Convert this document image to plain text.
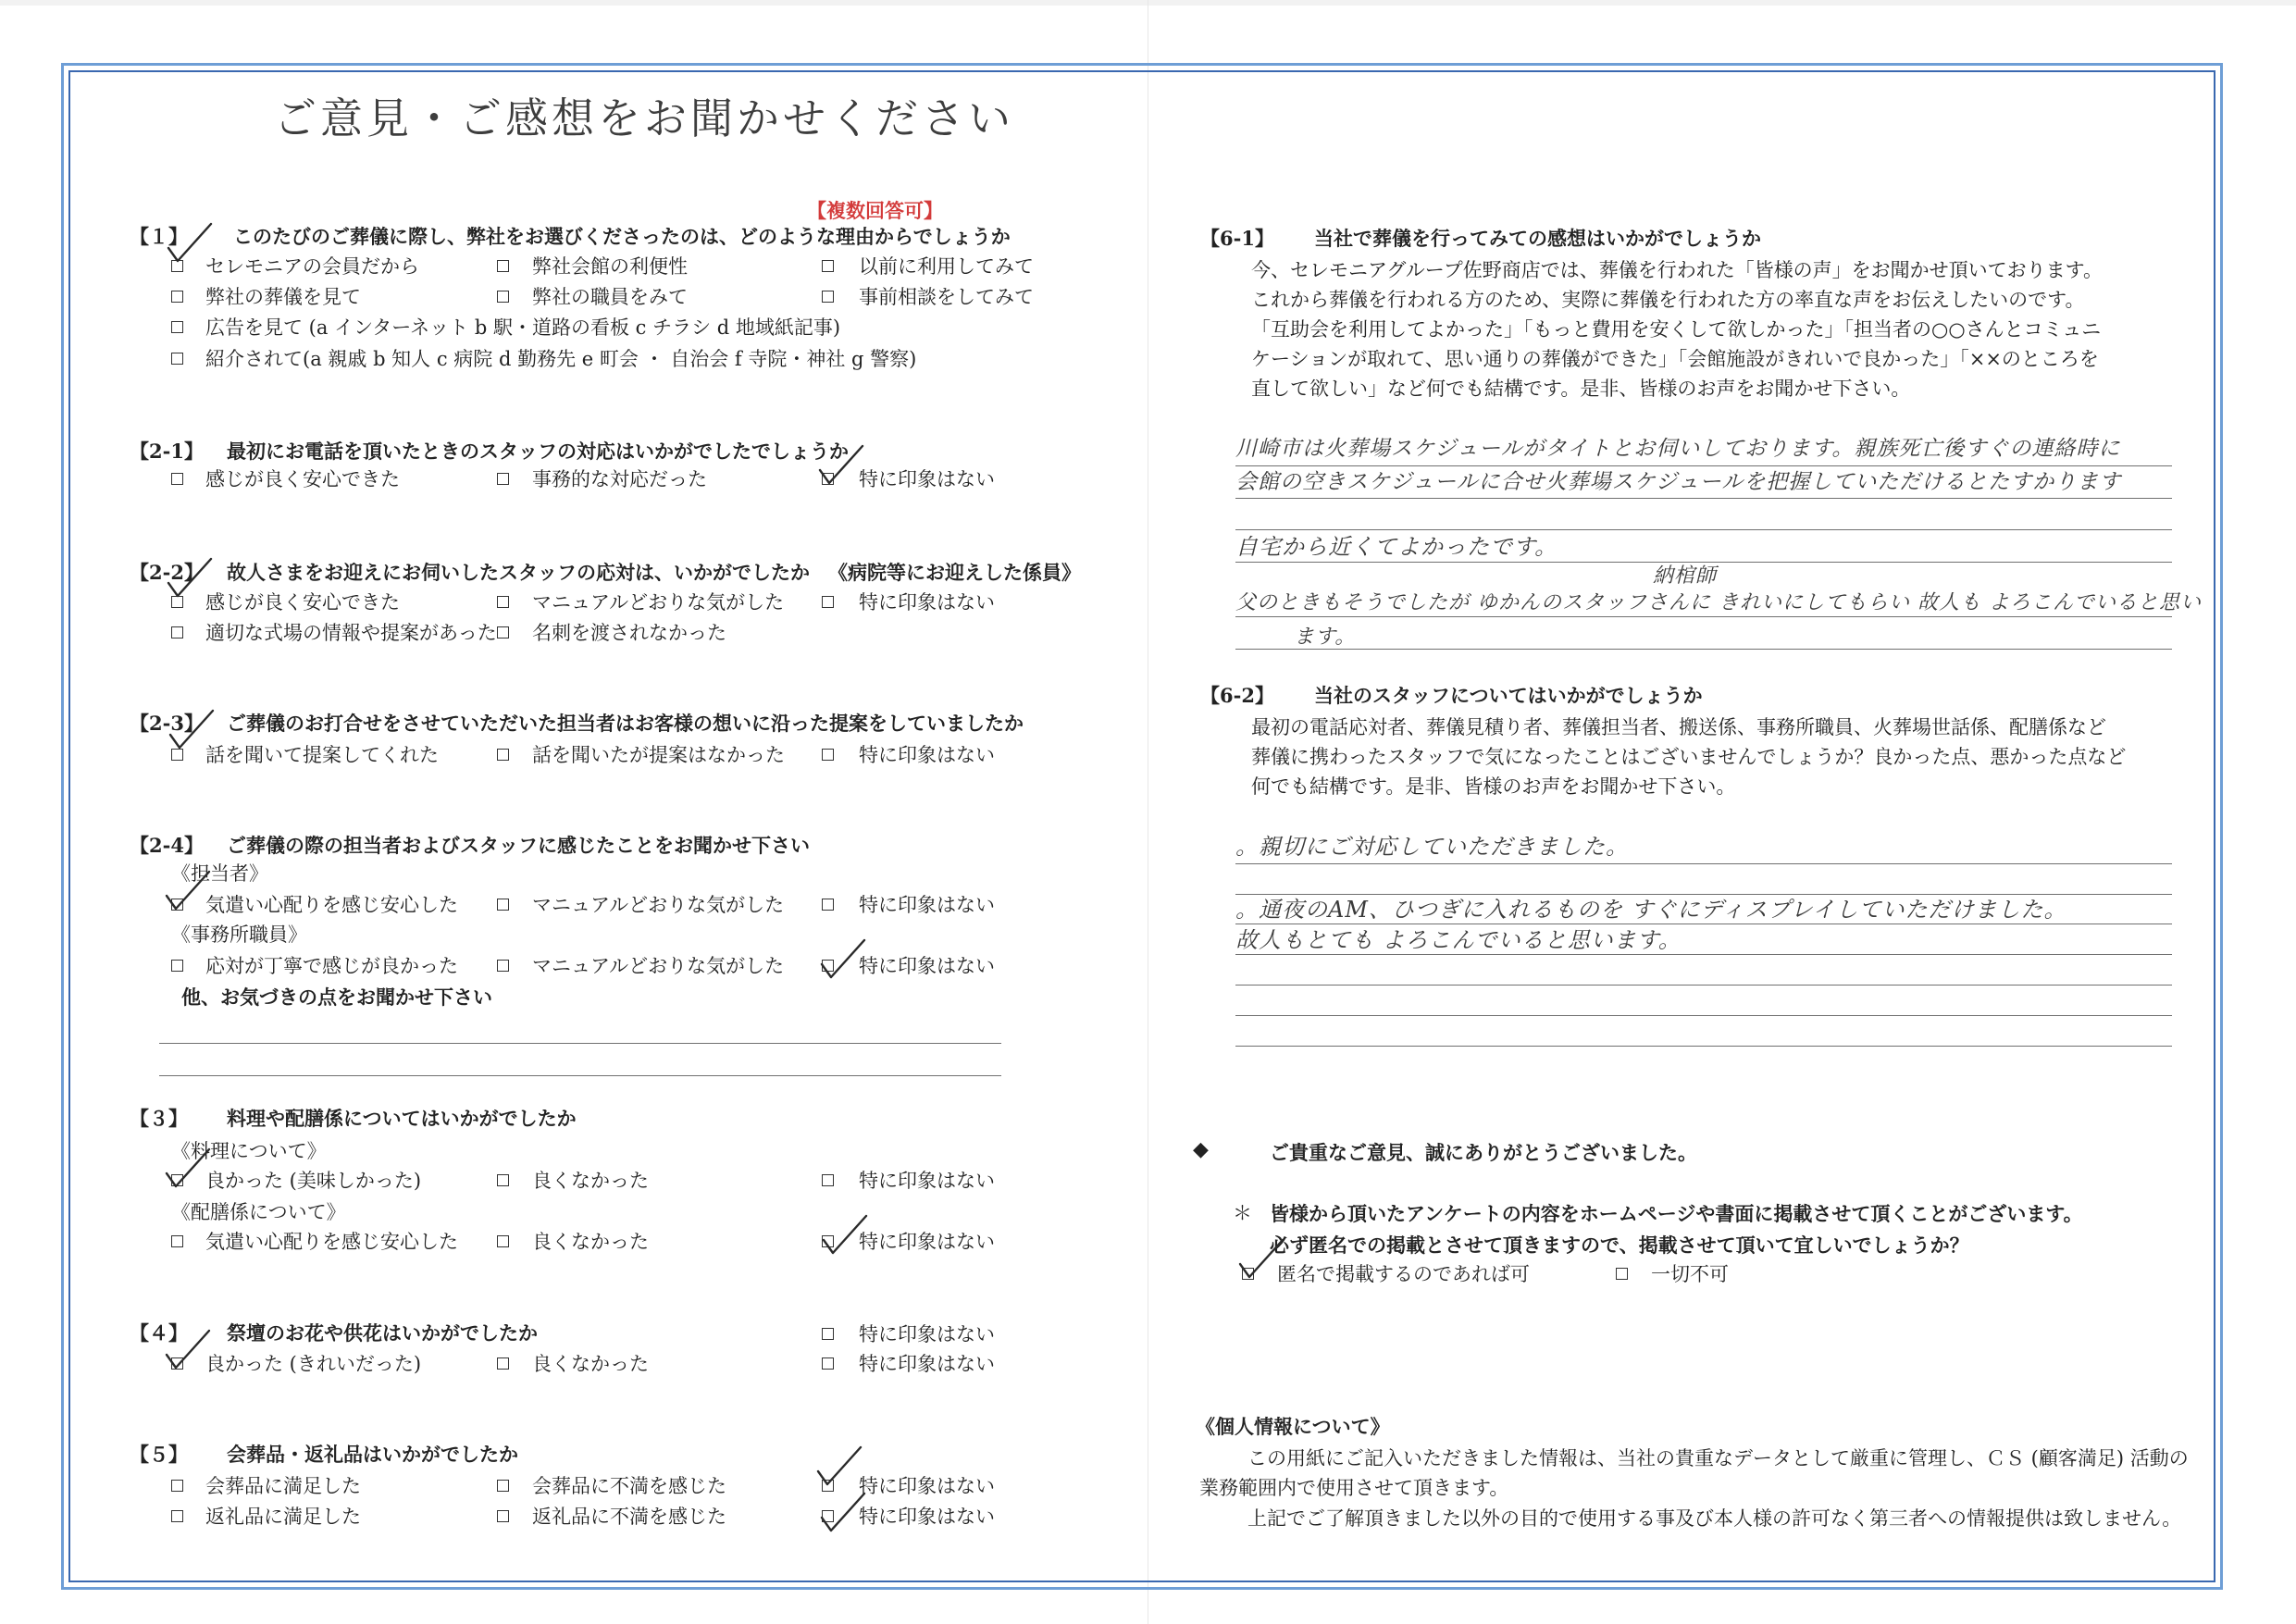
ご意見・ご感想をお聞かせください
【複数回答可】
【１】 このたびのご葬儀に際し、弊社をお選びくださったのは、どのような理由からでしょうか
セレモニアの会員だから	弊社会館の利便性	以前に利用してみて
弊社の葬儀を見て	弊社の職員をみて	事前相談をしてみて
広告を見て (a インターネット b 駅・道路の看板 c チラシ d 地域紙記事)
紹介されて(a 親戚 b 知人 c 病院 d 勤務先 e 町会 ・ 自治会 f 寺院・神社 g 警察)
【2-1】 最初にお電話を頂いたときのスタッフの対応はいかがでしたでしょうか
感じが良く安心できた	事務的な対応だった	特に印象はない
【2-2】 故人さまをお迎えにお伺いしたスタッフの応対は、いかがでしたか 《病院等にお迎えした係員》
感じが良く安心できた	マニュアルどおりな気がした	特に印象はない
適切な式場の情報や提案があった 名刺を渡されなかった
【2-3】 ご葬儀のお打合せをさせていただいた担当者はお客様の想いに沿った提案をしていましたか
話を聞いて提案してくれた	話を聞いたが提案はなかった	特に印象はない
【2-4】 ご葬儀の際の担当者およびスタッフに感じたことをお聞かせ下さい
《担当者》
気遣い心配りを感じ安心した	マニュアルどおりな気がした	特に印象はない
《事務所職員》
応対が丁寧で感じが良かった	マニュアルどおりな気がした	特に印象はない
他、お気づきの点をお聞かせ下さい
【３】 料理や配膳係についてはいかがでしたか
《料理について》
良かった (美味しかった)	良くなかった	特に印象はない
《配膳係について》
気遣い心配りを感じ安心した	良くなかった	特に印象はない
【４】 祭壇のお花や供花はいかがでしたか	特に印象はない
良かった (きれいだった)	良くなかった	特に印象はない
【５】 会葬品・返礼品はいかがでしたか
会葬品に満足した	会葬品に不満を感じた	特に印象はない
返礼品に満足した	返礼品に不満を感じた	特に印象はない
【6-1】 当社で葬儀を行ってみての感想はいかがでしょうか
今、セレモニアグループ佐野商店では、葬儀を行われた「皆様の声」をお聞かせ頂いております。
これから葬儀を行われる方のため、実際に葬儀を行われた方の率直な声をお伝えしたいのです。
「互助会を利用してよかった」「もっと費用を安くして欲しかった」「担当者の○○さんとコミュニ
ケーションが取れて、思い通りの葬儀ができた」「会館施設がきれいで良かった」「××のところを
直して欲しい」など何でも結構です。是非、皆様のお声をお聞かせ下さい。
川崎市は火葬場スケジュールがタイトとお伺いしております。親族死亡後すぐの連絡時に
会館の空きスケジュールに合せ火葬場スケジュールを把握していただけるとたすかります
自宅から近くてよかったです。
納棺師
父のときもそうでしたが ゆかんのスタッフさんに きれいにしてもらい 故人も よろこんでいると思い
ます。
【6-2】 当社のスタッフについてはいかがでしょうか
最初の電話応対者、葬儀見積り者、葬儀担当者、搬送係、事務所職員、火葬場世話係、配膳係など
葬儀に携わったスタッフで気になったことはございませんでしょうか？良かった点、悪かった点など
何でも結構です。是非、皆様のお声をお聞かせ下さい。
。親切にご対応していただきました。
。通夜のAM、ひつぎに入れるものを すぐにディスプレイしていただけました。
故人もとても よろこんでいると思います。
◆	ご貴重なご意見、誠にありがとうございました。
＊ 皆様から頂いたアンケートの内容をホームページや書面に掲載させて頂くことがございます。
必ず匿名での掲載とさせて頂きますので、掲載させて頂いて宜しいでしょうか？
匿名で掲載するのであれば可	一切不可
《個人情報について》
この用紙にご記入いただきました情報は、当社の貴重なデータとして厳重に管理し、ＣＳ (顧客満足) 活動の
業務範囲内で使用させて頂きます。
上記でご了解頂きました以外の目的で使用する事及び本人様の許可なく第三者への情報提供は致しません。
